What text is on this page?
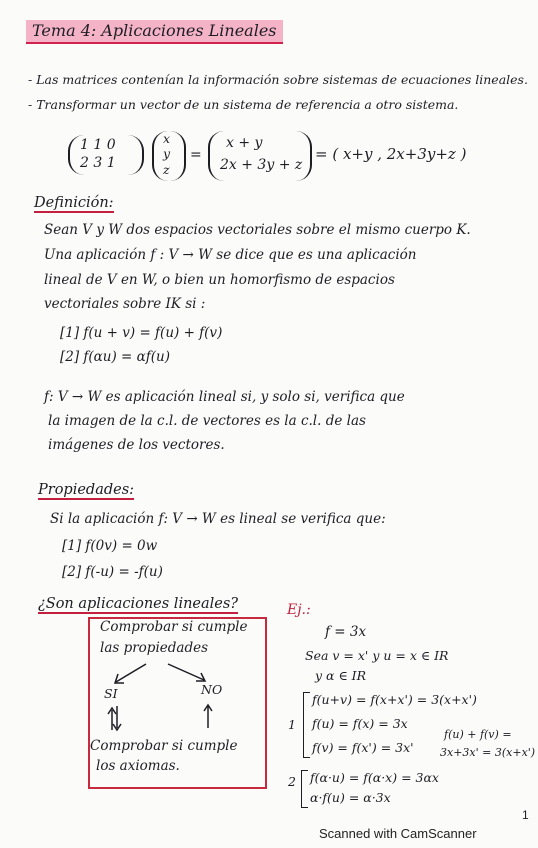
Tema 4: Aplicaciones Lineales
- Las matrices contenían la información sobre sistemas de ecuaciones lineales.
- Transformar un vector de un sistema de referencia a otro sistema.
1 1 0
2 3 1
x
y
z
=
x + y
2x + 3y + z
= ( x+y , 2x+3y+z )
Definición:
Sean V y W dos espacios vectoriales sobre el mismo cuerpo K.
Una aplicación f : V → W se dice que es una aplicación
lineal de V en W, o bien un homorfismo de espacios
vectoriales sobre IK si :
[1] f(u + v) = f(u) + f(v)
[2] f(αu) = αf(u)
f: V → W es aplicación lineal si, y solo si, verifica que
la imagen de la c.l. de vectores es la c.l. de las
imágenes de los vectores.
Propiedades:
Si la aplicación f: V → W es lineal se verifica que:
[1] f(0v) = 0w
[2] f(-u) = -f(u)
¿Son aplicaciones lineales?
Comprobar si cumple
las propiedades
SI	NO
Comprobar si cumple
los axiomas.
Ej.:
f = 3x
Sea v = x' y u = x ∈ IR
y α ∈ IR
1
f(u+v) = f(x+x') = 3(x+x')
f(u) = f(x) = 3x
f(v) = f(x') = 3x'
f(u) + f(v) =
3x+3x' = 3(x+x')
2 f(α·u) = f(α·x) = 3αx
α·f(u) = α·3x
1
Scanned with CamScanner
